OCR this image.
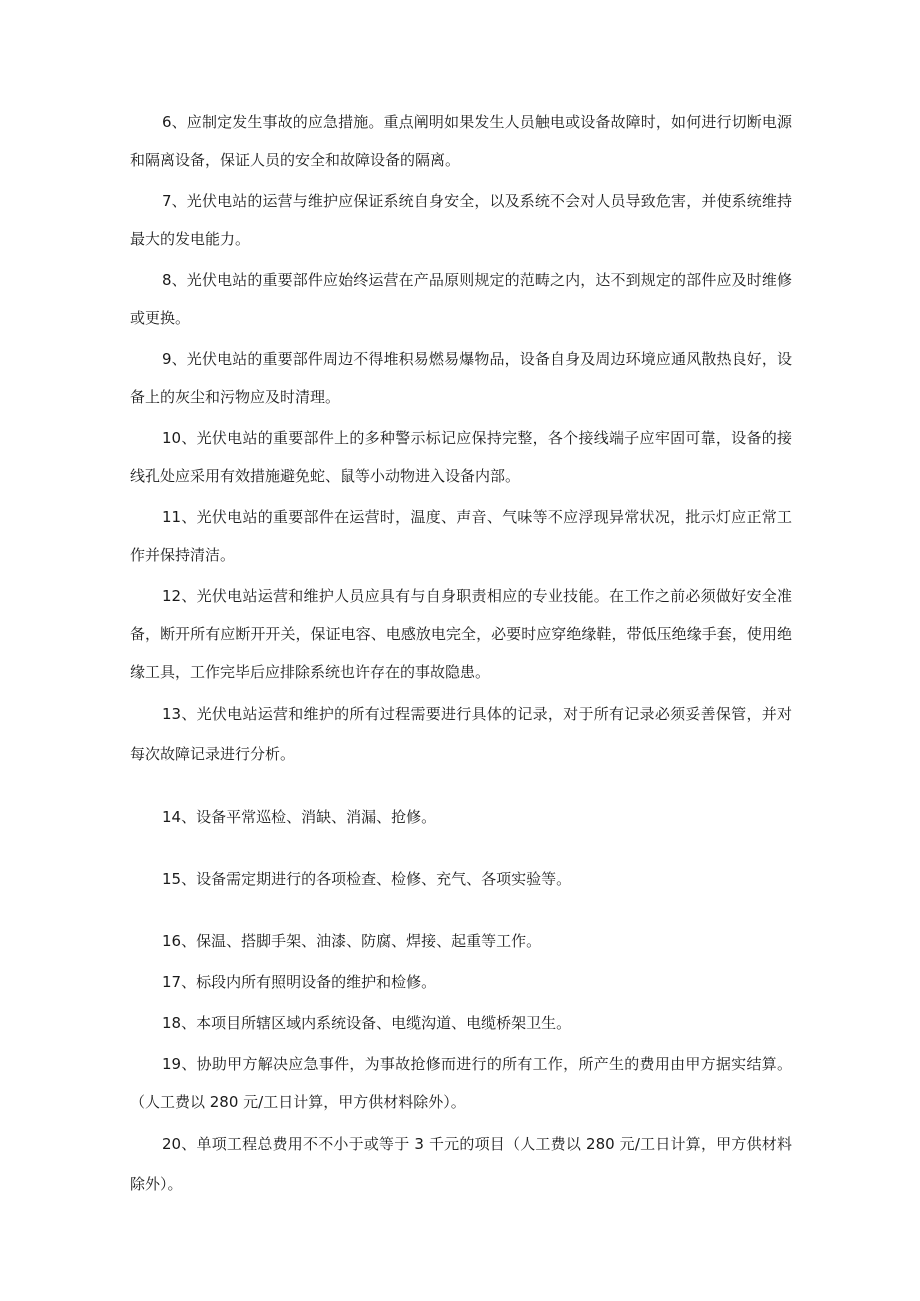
6、应制定发生事故的应急措施。重点阐明如果发生人员触电或设备故障时，如何进行切断电源和隔离设备，保证人员的安全和故障设备的隔离。

7、光伏电站的运营与维护应保证系统自身安全，以及系统不会对人员导致危害，并使系统维持最大的发电能力。

8、光伏电站的重要部件应始终运营在产品原则规定的范畴之内，达不到规定的部件应及时维修或更换。

9、光伏电站的重要部件周边不得堆积易燃易爆物品，设备自身及周边环境应通风散热良好，设备上的灰尘和污物应及时清理。

10、光伏电站的重要部件上的多种警示标记应保持完整，各个接线端子应牢固可靠，设备的接线孔处应采用有效措施避免蛇、鼠等小动物进入设备内部。

11、光伏电站的重要部件在运营时，温度、声音、气味等不应浮现异常状况，批示灯应正常工作并保持清洁。

12、光伏电站运营和维护人员应具有与自身职责相应的专业技能。在工作之前必须做好安全准备，断开所有应断开开关，保证电容、电感放电完全，必要时应穿绝缘鞋，带低压绝缘手套，使用绝缘工具，工作完毕后应排除系统也许存在的事故隐患。

13、光伏电站运营和维护的所有过程需要进行具体的记录，对于所有记录必须妥善保管，并对每次故障记录进行分析。

14、设备平常巡检、消缺、消漏、抢修。

15、设备需定期进行的各项检查、检修、充气、各项实验等。

16、保温、搭脚手架、油漆、防腐、焊接、起重等工作。

17、标段内所有照明设备的维护和检修。

18、本项目所辖区域内系统设备、电缆沟道、电缆桥架卫生。

19、协助甲方解决应急事件，为事故抢修而进行的所有工作，所产生的费用由甲方据实结算。（人工费以 280 元/工日计算，甲方供材料除外）。

20、单项工程总费用不不小于或等于 3 千元的项目（人工费以 280 元/工日计算，甲方供材料除外）。
